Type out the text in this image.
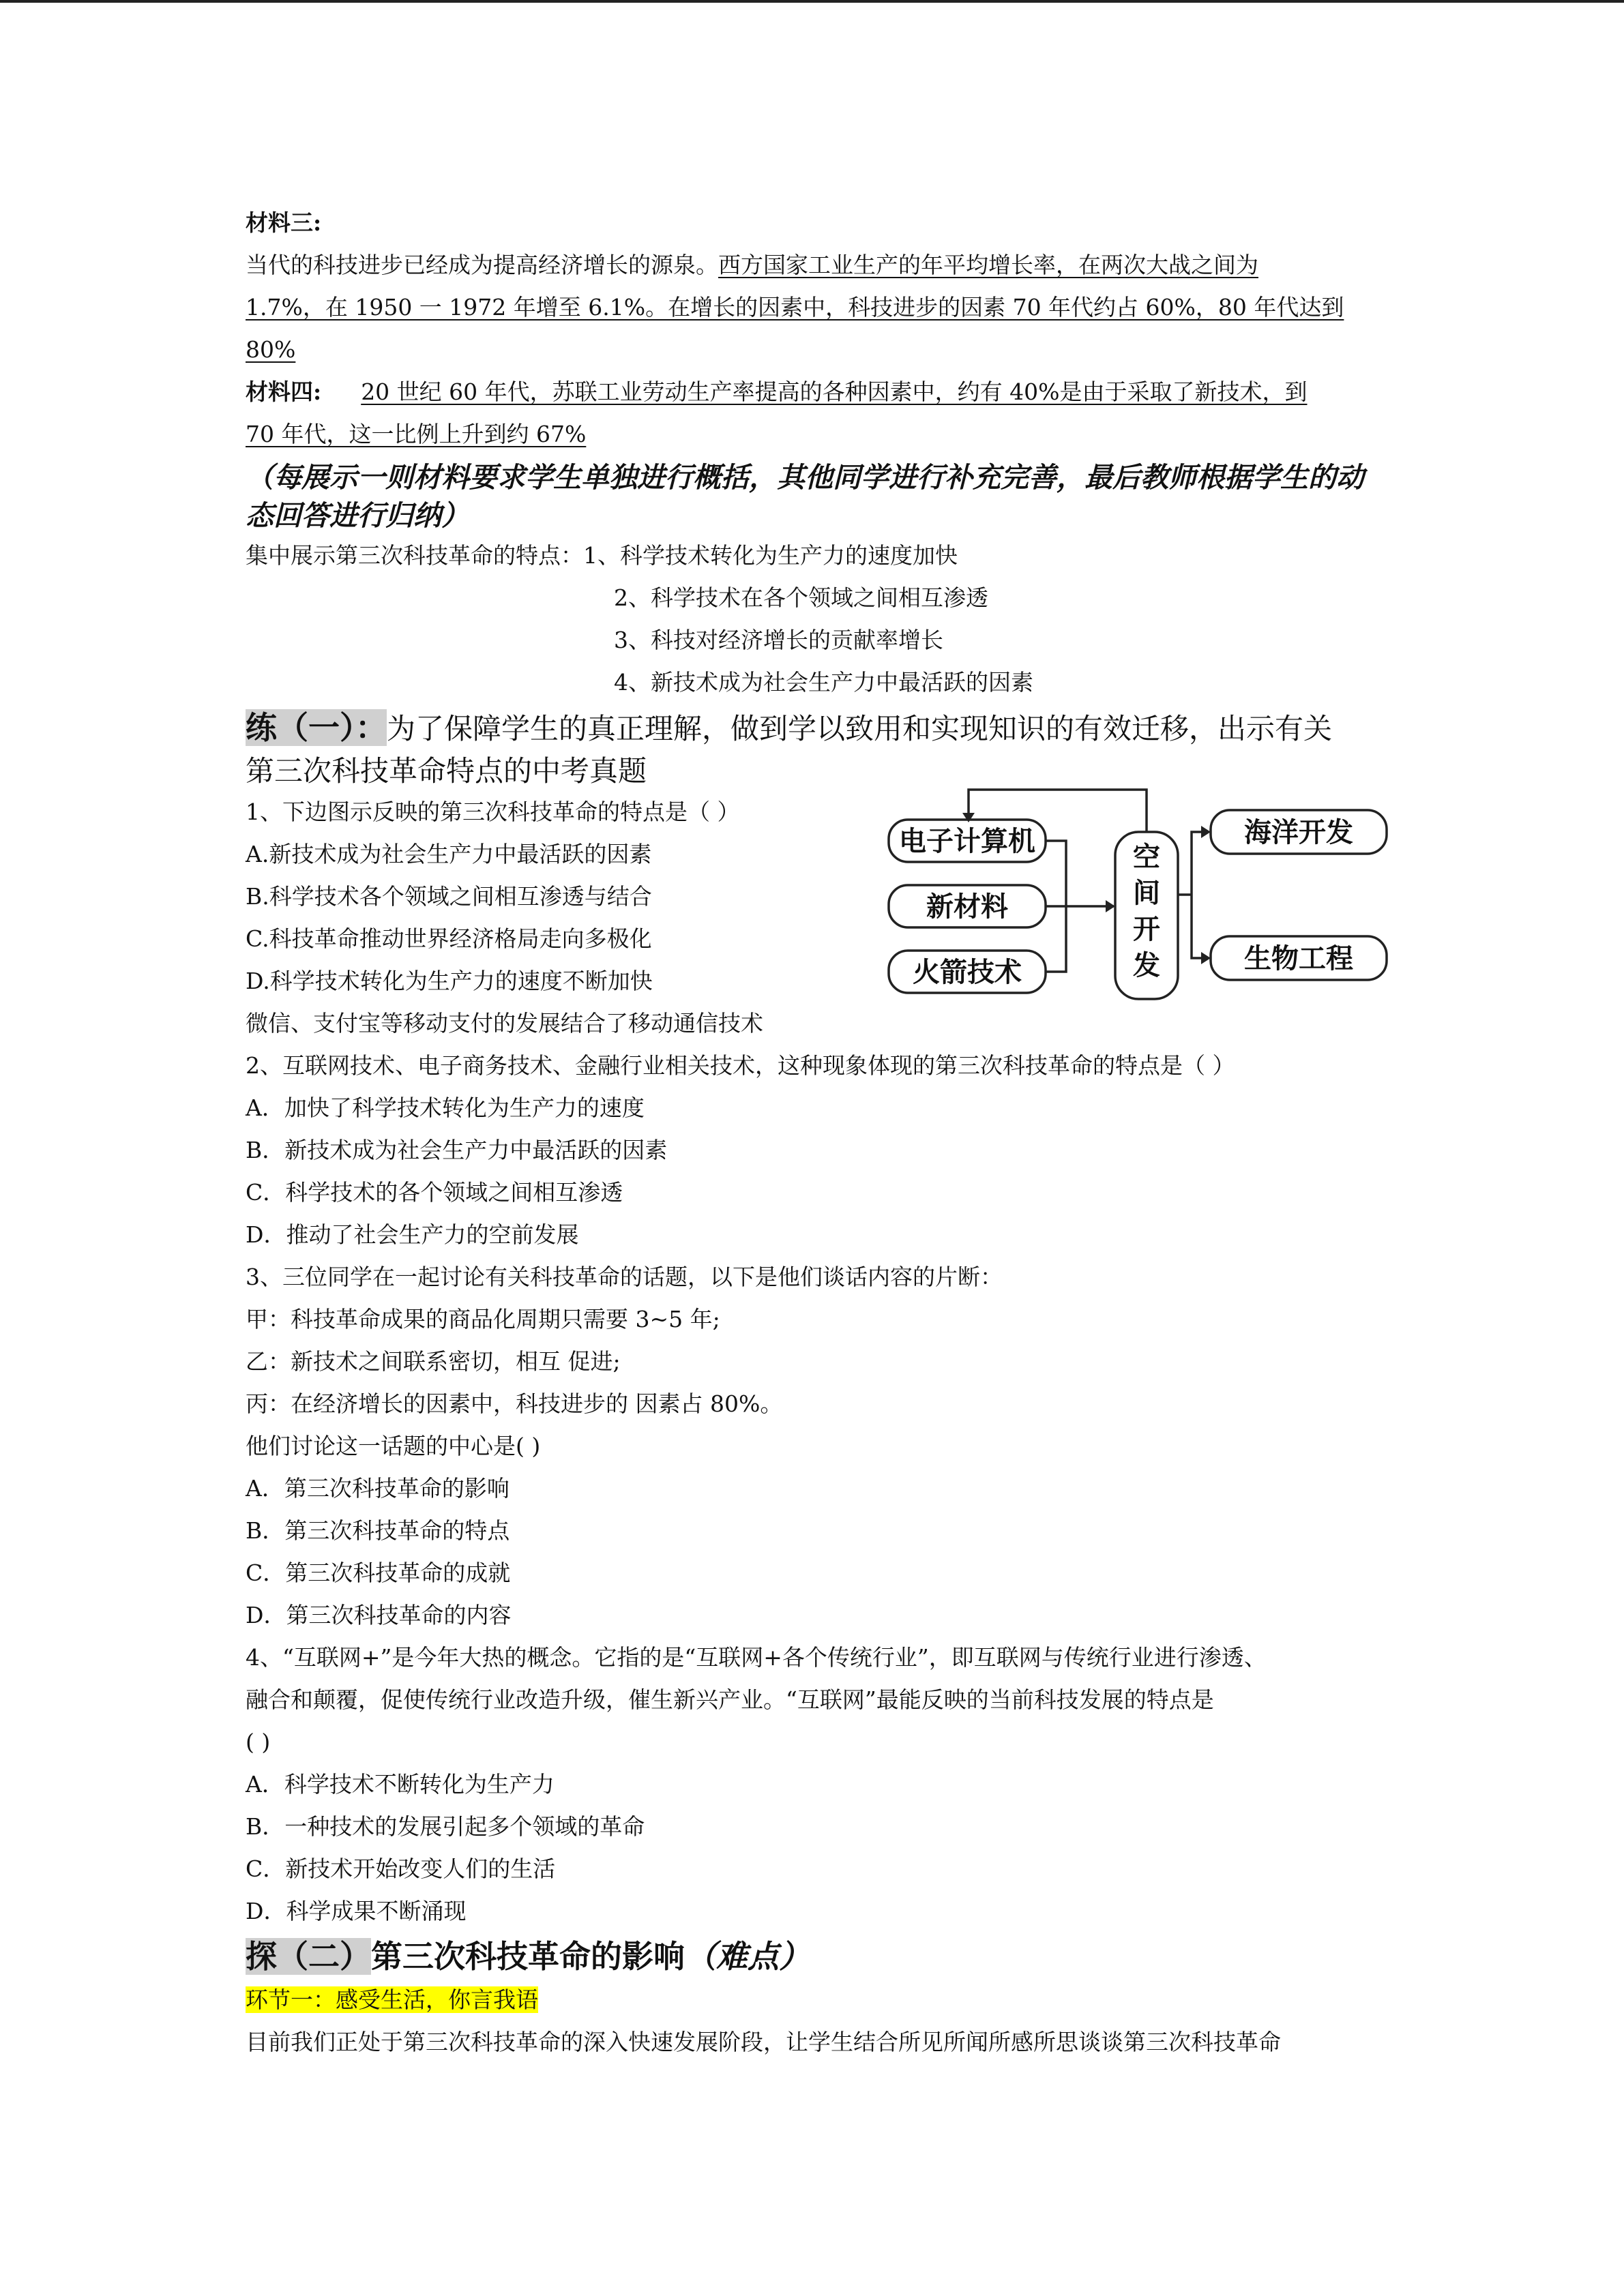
材料三:
当代的科技进步已经成为提高经济增长的源泉。西方国家工业生产的年平均增长率，在两次大战之间为
1.7%，在 1950 一 1972 年增至 6.1%。在增长的因素中，科技进步的因素 70 年代约占 60%，80 年代达到
80%
材料四: 20 世纪 60 年代，苏联工业劳动生产率提高的各种因素中，约有 40%是由于采取了新技术，到
70 年代，这一比例上升到约 67%
（每展示一则材料要求学生单独进行概括，其他同学进行补充完善，最后教师根据学生的动态回答进行归纳）
集中展示第三次科技革命的特点：1、科学技术转化为生产力的速度加快
2、科学技术在各个领域之间相互渗透
3、科技对经济增长的贡献率增长
4、新技术成为社会生产力中最活跃的因素
练（一）：为了保障学生的真正理解，做到学以致用和实现知识的有效迁移，出示有关
第三次科技革命特点的中考真题
1、下边图示反映的第三次科技革命的特点是（ ）
A.新技术成为社会生产力中最活跃的因素
B.科学技术各个领域之间相互渗透与结合
C.科技革命推动世界经济格局走向多极化
D.科学技术转化为生产力的速度不断加快
电子计算机
新材料
火箭技术
空
间
开
发
海洋开发
生物工程
微信、支付宝等移动支付的发展结合了移动通信技术
2、互联网技术、电子商务技术、金融行业相关技术，这种现象体现的第三次科技革命的特点是（ ）
A．加快了科学技术转化为生产力的速度
B．新技术成为社会生产力中最活跃的因素
C．科学技术的各个领域之间相互渗透
D．推动了社会生产力的空前发展
3、三位同学在一起讨论有关科技革命的话题，以下是他们谈话内容的片断：
甲：科技革命成果的商品化周期只需要 3~5 年;
乙：新技术之间联系密切，相互 促进;
丙：在经济增长的因素中，科技进步的 因素占 80%。
他们讨论这一话题的中心是( )
A．第三次科技革命的影响
B．第三次科技革命的特点
C．第三次科技革命的成就
D．第三次科技革命的内容
4、“互联网+”是今年大热的概念。它指的是“互联网+各个传统行业”，即互联网与传统行业进行渗透、
融合和颠覆，促使传统行业改造升级，催生新兴产业。“互联网”最能反映的当前科技发展的特点是
( )
A．科学技术不断转化为生产力
B．一种技术的发展引起多个领域的革命
C．新技术开始改变人们的生活
D．科学成果不断涌现
探（二）第三次科技革命的影响（难点）
环节一：感受生活，你言我语
目前我们正处于第三次科技革命的深入快速发展阶段，让学生结合所见所闻所感所思谈谈第三次科技革命
